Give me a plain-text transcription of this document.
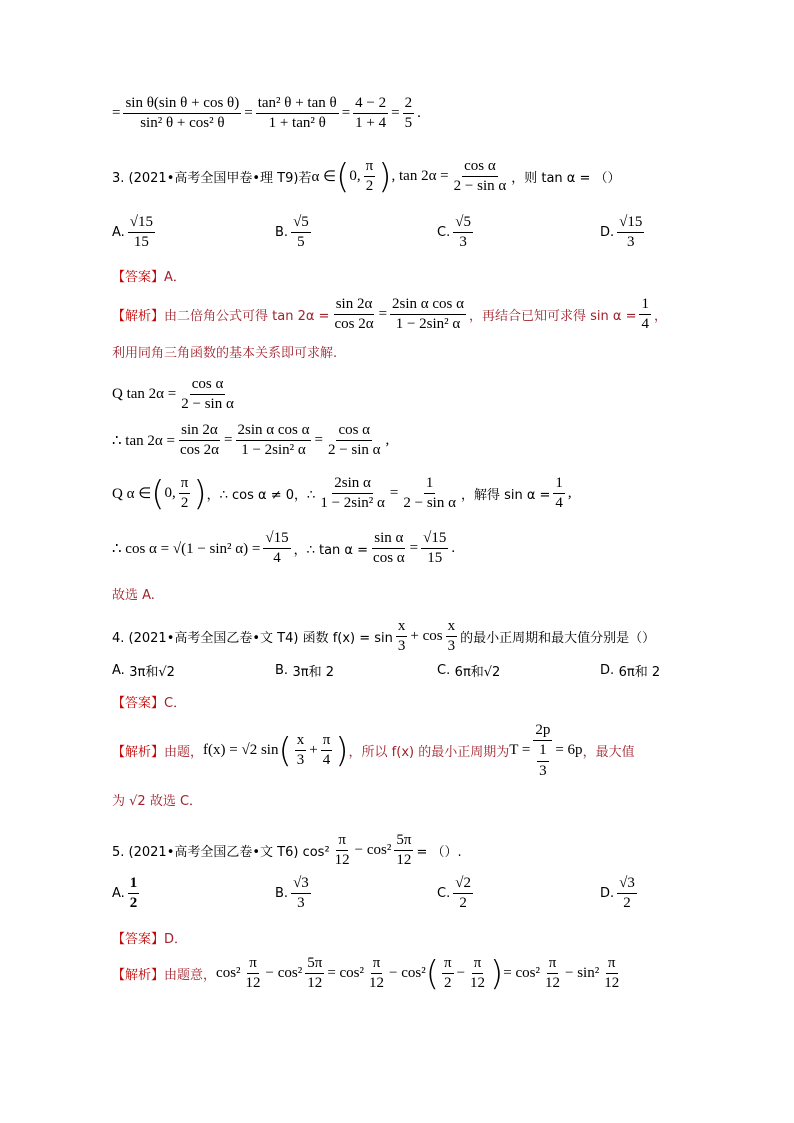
= $\frac{\text{sin θ(sin θ + cos θ)}}{\text{sin² θ + cos² θ}} = \frac{\text{tan² θ + tan θ}}{\text{1 + tan² θ}} = \frac{4 - 2}{1 + 4} = \frac{2}{5}$ .
3. (2021•高考全国甲卷•理 T9)若 α ∈ ( 0, $\frac{\pi}{2}$ ) , $\tan 2\alpha = \frac{\text{cos α}}{\text{2 − sin α}}$ ，则 tan α = （）
A. $\frac{√15}{15}$	B. $\frac{√5}{5}$	C. $\frac{√5}{3}$	D. $\frac{√15}{3}$
【答案】 A．
【解析】 由二倍角公式可得 $\tan 2\alpha = \frac{\sin 2\alpha}{\cos 2\alpha} = \frac{\text{2sin α cos α}}{\text{1 − 2sin² α}}$ ，再结合已知可求得 $\sin \alpha = \frac{1}{4}$ ，
利用同角三角函数的基本关系即可求解.
Q $\tan 2\alpha = \frac{\text{cos α}}{\text{2 − sin α}}$
∴ $\tan 2\alpha = \frac{\sin 2\alpha}{\cos 2\alpha} = \frac{\text{2sin α cos α}}{\text{1 − 2sin² α}} = \frac{\text{cos α}}{\text{2 − sin α}}$ ,
Q α ∈ ( 0, $\frac{\pi}{2}$ ) ，∴ cos α ≠ 0，∴ $\frac{\text{2sin α}}{\text{1 − 2sin² α}} = \frac{1}{\text{2 − sin α}}$ ，解得 $\sin \alpha = \frac{1}{4}$ ,
∴ cos α = √(1 − sin² $\alpha) = \frac{√15}{4}$ ，∴ $\tan \alpha = \frac{\text{sin α}}{\text{cos α}} = \frac{√15}{15}$ .
故选 A.
4. (2021•高考全国乙卷•文 T4) 函数 $f(x) = \sin \frac{x}{3} + \cos \frac{x}{3}$ 的最小正周期和最大值分别是（）
A.
3π和√2	B.
3π和 2	C.
6π和√2	D.
6π和 2
【答案】 C．
【解析】 由题， f(x) = √2 sin ( $\frac{x}{3} + \frac{\pi}{4}$ ) ，所以 f(x) 的最小正周期为 $T = \frac{2p}{\frac{1}{3}} = 6p$ ，最大值
为 √2 故选 C．
5. (2021•高考全国乙卷•文 T6) $\cos^2 \frac{\pi}{12} - \cos^2 \frac{5\pi}{12}$ = （）.
A. $\frac{1}{2}$	B. $\frac{√3}{3}$	C. $\frac{√2}{2}$	D. $\frac{√3}{2}$
【答案】 D．
【解析】 由题意， $\cos^2 \frac{\pi}{12} - \cos^2 \frac{5\pi}{12} = \cos^2 \frac{\pi}{12} - \cos^2$ ( $\frac{\pi}{2} - \frac{\pi}{12}$ ) = $\cos^2 \frac{\pi}{12} - \sin^2 \frac{\pi}{12}$
